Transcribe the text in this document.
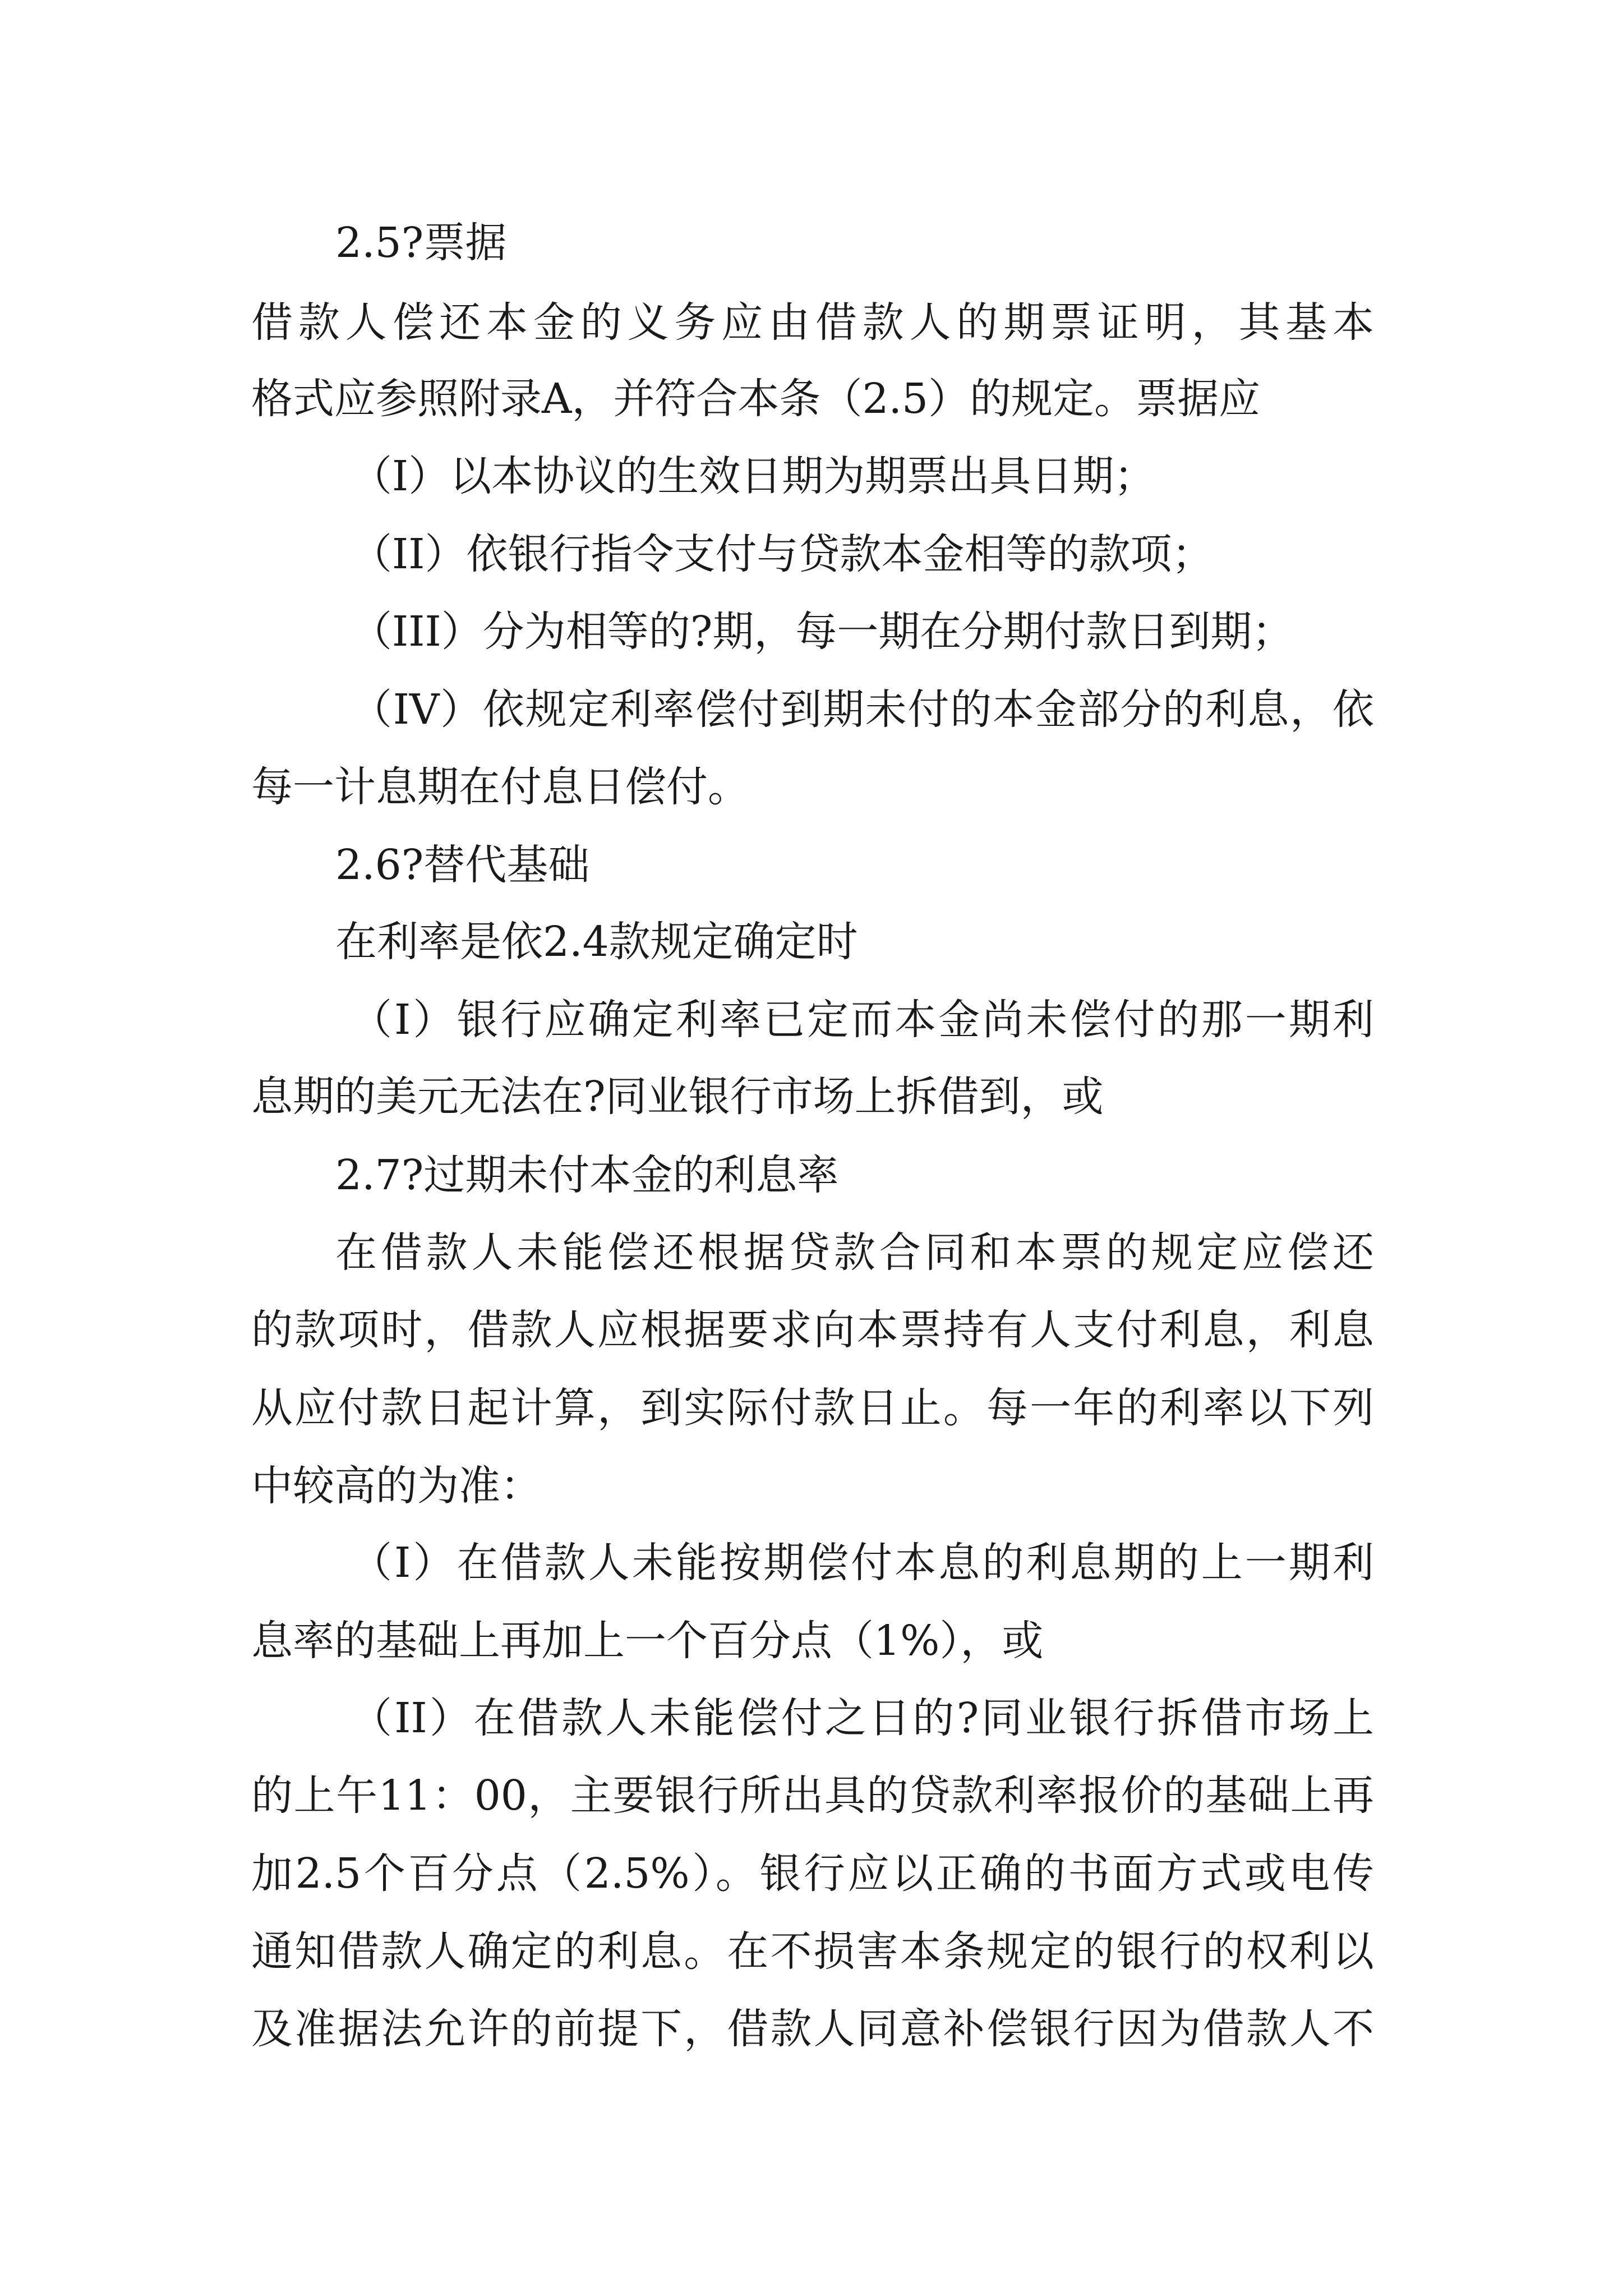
2.5?票据
借款人偿还本金的义务应由借款人的期票证明，其基本
格式应参照附录A，并符合本条（2.5）的规定。票据应
（I）以本协议的生效日期为期票出具日期；
（II）依银行指令支付与贷款本金相等的款项；
（III）分为相等的?期，每一期在分期付款日到期；
（IV）依规定利率偿付到期未付的本金部分的利息，依
每一计息期在付息日偿付。
2.6?替代基础
在利率是依2.4款规定确定时
（I）银行应确定利率已定而本金尚未偿付的那一期利
息期的美元无法在?同业银行市场上拆借到，或
2.7?过期未付本金的利息率
在借款人未能偿还根据贷款合同和本票的规定应偿还
的款项时，借款人应根据要求向本票持有人支付利息，利息
从应付款日起计算，到实际付款日止。每一年的利率以下列
中较高的为准：
（I）在借款人未能按期偿付本息的利息期的上一期利
息率的基础上再加上一个百分点（1%），或
（II）在借款人未能偿付之日的?同业银行拆借市场上
的上午11：00，主要银行所出具的贷款利率报价的基础上再
加2.5个百分点（2.5%）。银行应以正确的书面方式或电传
通知借款人确定的利息。在不损害本条规定的银行的权利以
及准据法允许的前提下，借款人同意补偿银行因为借款人不
